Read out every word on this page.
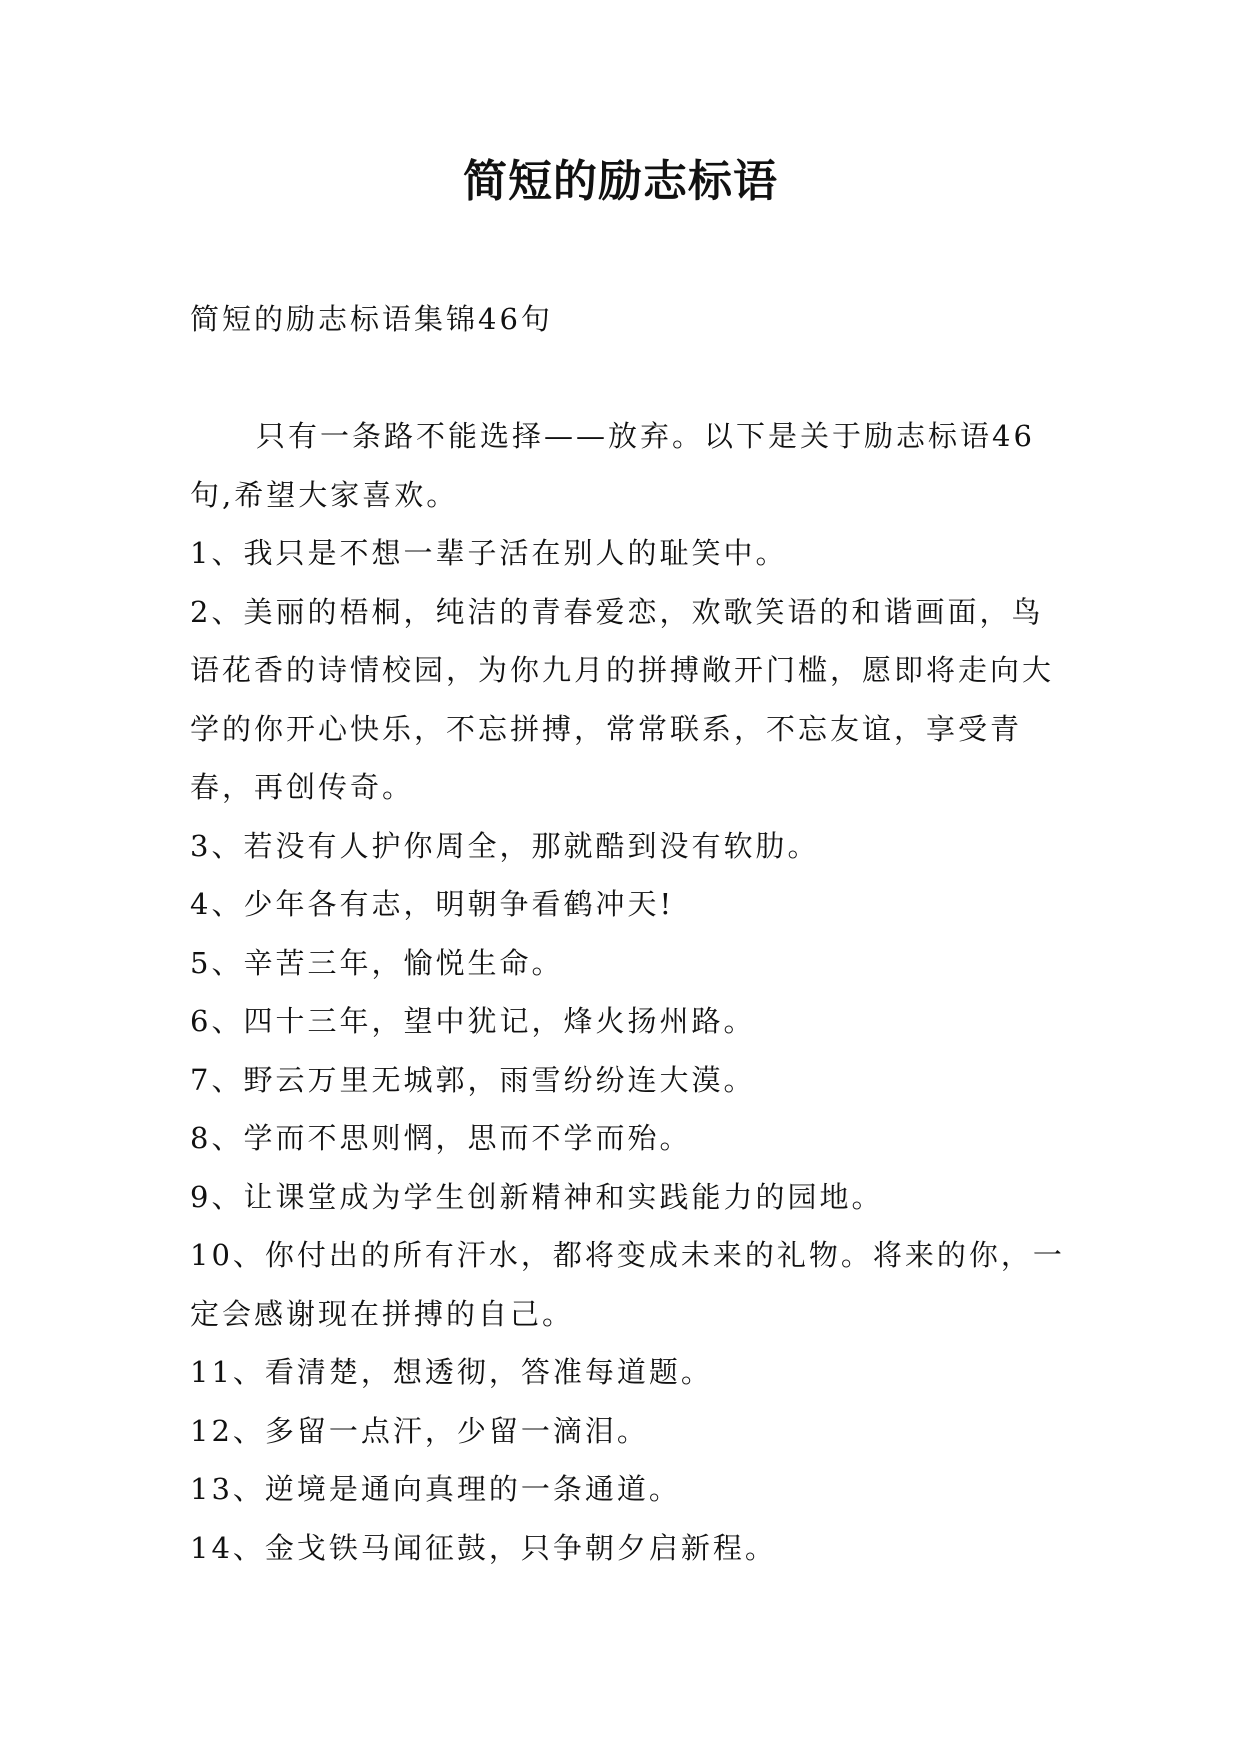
简短的励志标语

简短的励志标语集锦46句

只有一条路不能选择——放弃。以下是关于励志标语46句,希望大家喜欢。

1、我只是不想一辈子活在别人的耻笑中。

2、美丽的梧桐，纯洁的青春爱恋，欢歌笑语的和谐画面，鸟语花香的诗情校园，为你九月的拼搏敞开门槛，愿即将走向大学的你开心快乐，不忘拼搏，常常联系，不忘友谊，享受青春，再创传奇。

3、若没有人护你周全，那就酷到没有软肋。

4、少年各有志，明朝争看鹤冲天!

5、辛苦三年，愉悦生命。

6、四十三年，望中犹记，烽火扬州路。

7、野云万里无城郭，雨雪纷纷连大漠。

8、学而不思则惘，思而不学而殆。

9、让课堂成为学生创新精神和实践能力的园地。

10、你付出的所有汗水，都将变成未来的礼物。将来的你，一定会感谢现在拼搏的自己。

11、看清楚，想透彻，答准每道题。

12、多留一点汗，少留一滴泪。

13、逆境是通向真理的一条通道。

14、金戈铁马闻征鼓，只争朝夕启新程。
